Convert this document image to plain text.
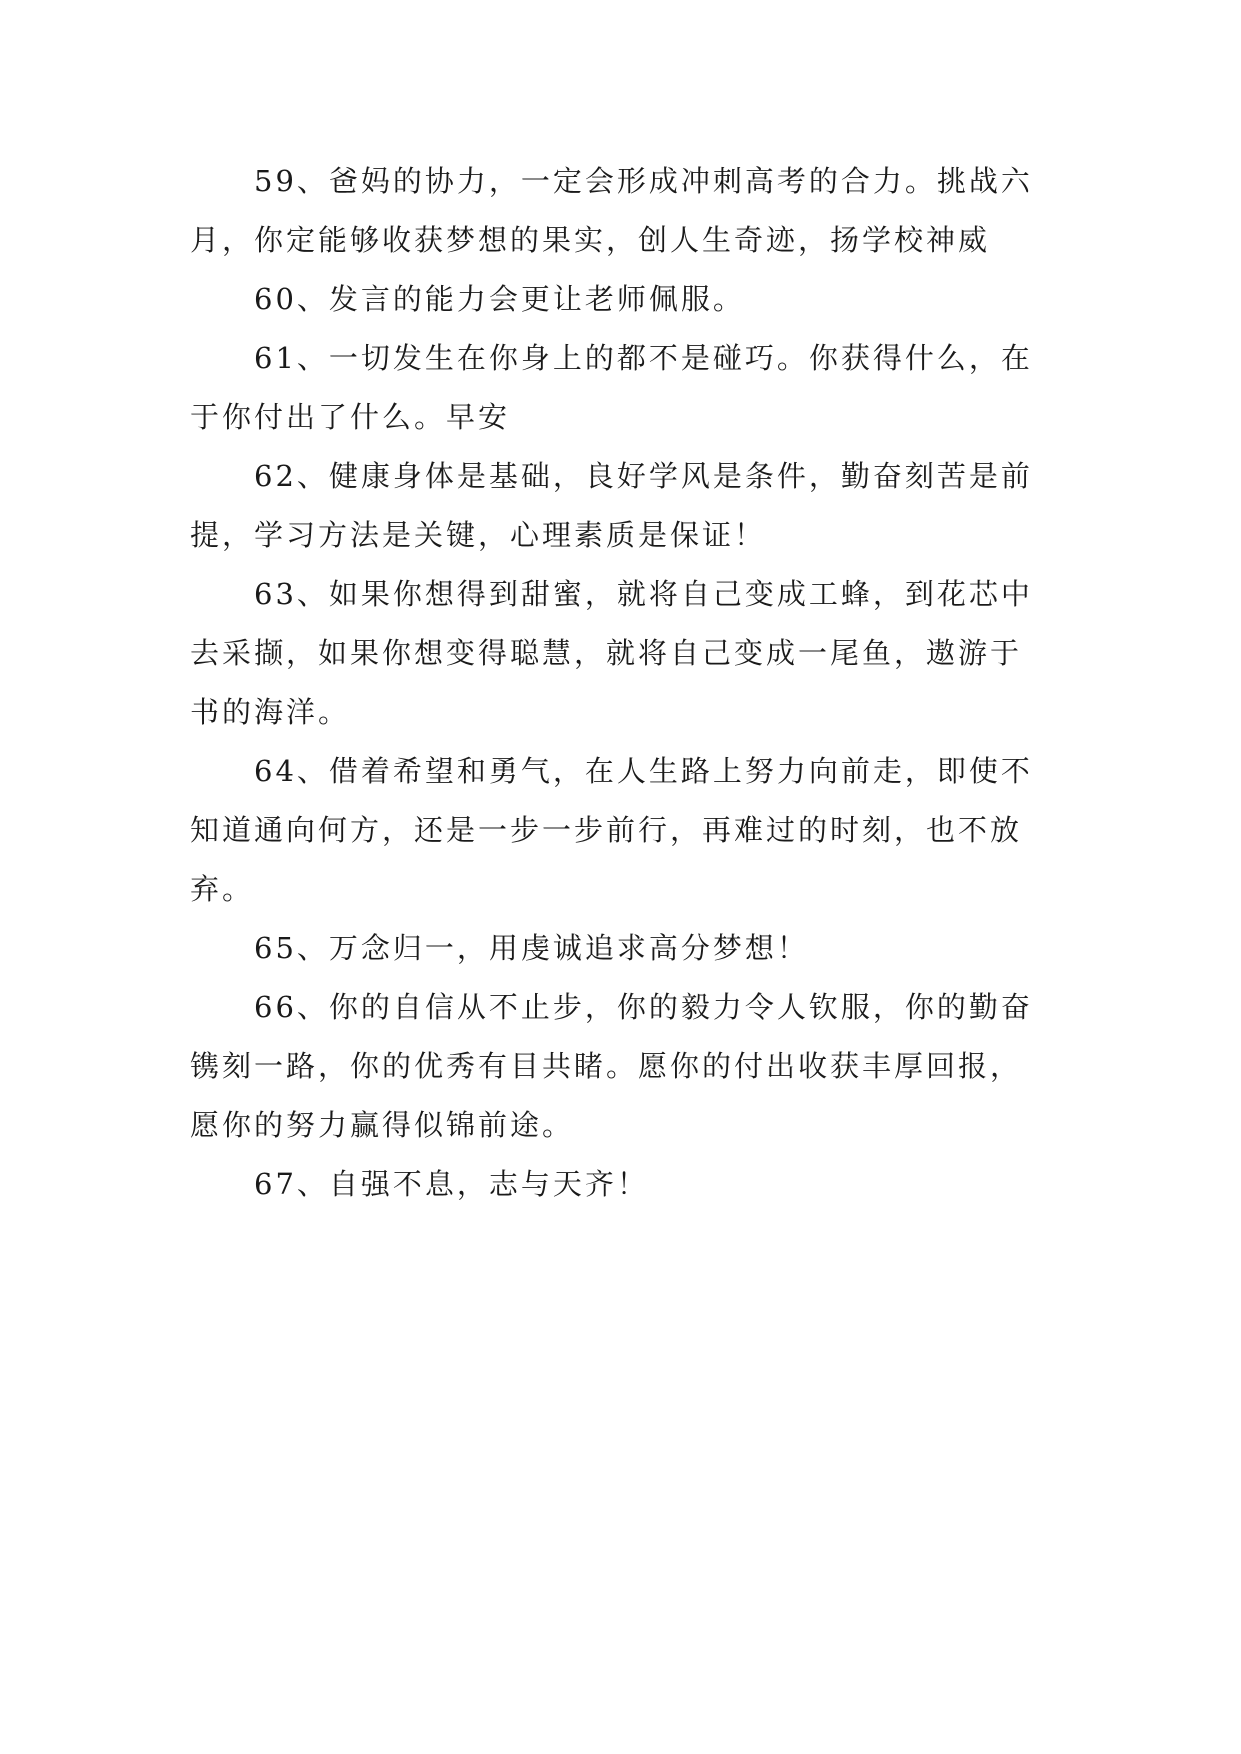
59、爸妈的协力，一定会形成冲刺高考的合力。挑战六月，你定能够收获梦想的果实，创人生奇迹，扬学校神威

60、发言的能力会更让老师佩服。

61、一切发生在你身上的都不是碰巧。你获得什么，在于你付出了什么。早安

62、健康身体是基础，良好学风是条件，勤奋刻苦是前提，学习方法是关键，心理素质是保证！

63、如果你想得到甜蜜，就将自己变成工蜂，到花芯中去采撷，如果你想变得聪慧，就将自己变成一尾鱼，遨游于书的海洋。

64、借着希望和勇气，在人生路上努力向前走，即使不知道通向何方，还是一步一步前行，再难过的时刻，也不放弃。

65、万念归一，用虔诚追求高分梦想！

66、你的自信从不止步，你的毅力令人钦服，你的勤奋镌刻一路，你的优秀有目共睹。愿你的付出收获丰厚回报，愿你的努力赢得似锦前途。

67、自强不息，志与天齐！
